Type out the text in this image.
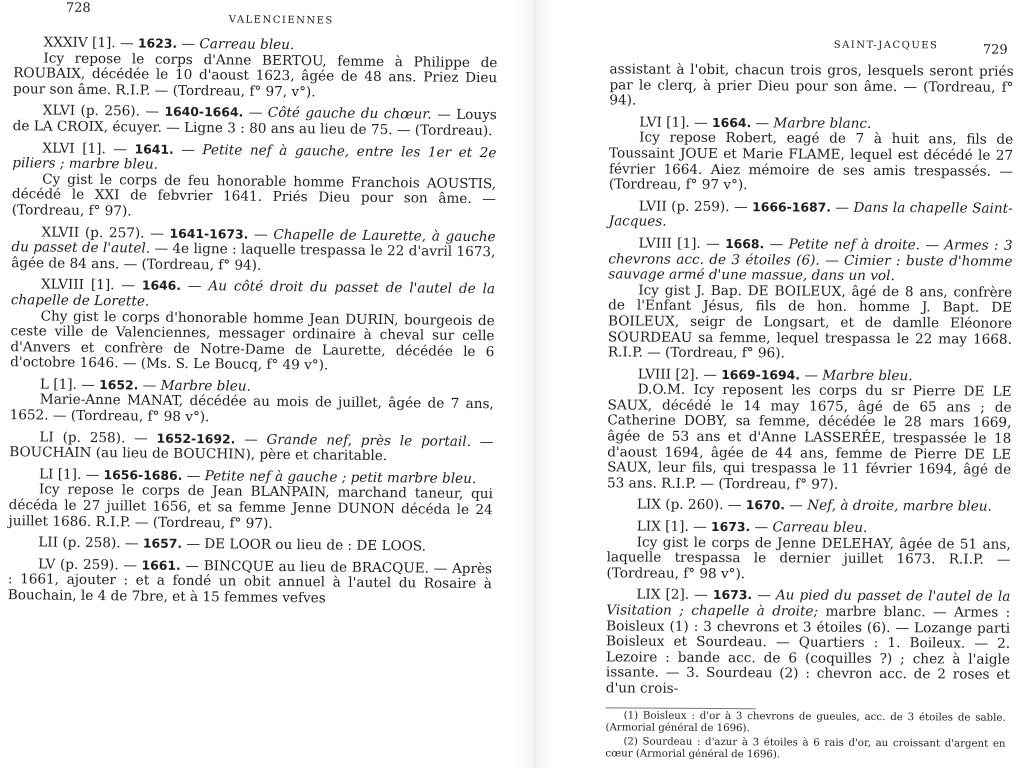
728
VALENCIENNES

XXXIV [1]. — 1623. — Carreau bleu.

Icy repose le corps d'Anne BERTOU, femme à Philippe de ROUBAIX, décédée le 10 d'aoust 1623, âgée de 48 ans. Priez Dieu pour son âme. R.I.P. — (Tordreau, f° 97, v°).

XLVI (p. 256). — 1640-1664. — Côté gauche du chœur. — Louys de LA CROIX, écuyer. — Ligne 3 : 80 ans au lieu de 75. — (Tordreau).

XLVI [1]. — 1641. — Petite nef à gauche, entre les 1er et 2e piliers ; marbre bleu.

Cy gist le corps de feu honorable homme Franchois AOUSTIS, décédé le XXI de febvrier 1641. Priés Dieu pour son âme. — (Tordreau, f° 97).

XLVII (p. 257). — 1641-1673. — Chapelle de Laurette, à gauche du passet de l'autel. — 4e ligne : laquelle trespassa le 22 d'avril 1673, âgée de 84 ans. — (Tordreau, f° 94).

XLVIII [1]. — 1646. — Au côté droit du passet de l'autel de la chapelle de Lorette.

Chy gist le corps d'honorable homme Jean DURIN, bourgeois de ceste ville de Valenciennes, messager ordinaire à cheval sur celle d'Anvers et confrère de Notre-Dame de Laurette, décédée le 6 d'octobre 1646. — (Ms. S. Le Boucq, f° 49 v°).

L [1]. — 1652. — Marbre bleu.

Marie-Anne MANAT, décédée au mois de juillet, âgée de 7 ans, 1652. — (Tordreau, f° 98 v°).

LI (p. 258). — 1652-1692. — Grande nef, près le portail. — BOUCHAIN (au lieu de BOUCHIN), père et charitable.

LI [1]. — 1656-1686. — Petite nef à gauche ; petit marbre bleu.

Icy repose le corps de Jean BLANPAIN, marchand taneur, qui décéda le 27 juillet 1656, et sa femme Jenne DUNON décéda le 24 juillet 1686. R.I.P. — (Tordreau, f° 97).

LII (p. 258). — 1657. — DE LOOR ou lieu de : DE LOOS.

LV (p. 259). — 1661. — BINCQUE au lieu de BRACQUE. — Après : 1661, ajouter : et a fondé un obit annuel à l'autel du Rosaire à Bouchain, le 4 de 7bre, et à 15 femmes vefves

SAINT-JACQUES	729

assistant à l'obit, chacun trois gros, lesquels seront priés par le clerq, à prier Dieu pour son âme. — (Tordreau, f° 94).

LVI [1]. — 1664. — Marbre blanc.

Icy repose Robert, eagé de 7 à huit ans, fils de Toussaint JOUE et Marie FLAME, lequel est décédé le 27 février 1664. Aiez mémoire de ses amis trespassés. — (Tordreau, f° 97 v°).

LVII (p. 259). — 1666-1687. — Dans la chapelle Saint-Jacques.

LVIII [1]. — 1668. — Petite nef à droite. — Armes : 3 chevrons acc. de 3 étoiles (6). — Cimier : buste d'homme sauvage armé d'une massue, dans un vol.

Icy gist J. Bap. DE BOILEUX, âgé de 8 ans, confrère de l'Enfant Jésus, fils de hon. homme J. Bapt. DE BOILEUX, seigr de Longsart, et de damlle Eléonore SOURDEAU sa femme, lequel trespassa le 22 may 1668. R.I.P. — (Tordreau, f° 96).

LVIII [2]. — 1669-1694. — Marbre bleu.

D.O.M. Icy reposent les corps du sr Pierre DE LE SAUX, décédé le 14 may 1675, âgé de 65 ans ; de Catherine DOBY, sa femme, décédée le 28 mars 1669, âgée de 53 ans et d'Anne LASSERÉE, trespassée le 18 d'aoust 1694, âgée de 44 ans, femme de Pierre DE LE SAUX, leur fils, qui trespassa le 11 février 1694, âgé de 53 ans. R.I.P. — (Tordreau, f° 97).

LIX (p. 260). — 1670. — Nef, à droite, marbre bleu.

LIX [1]. — 1673. — Carreau bleu.

Icy gist le corps de Jenne DELEHAY, âgée de 51 ans, laquelle trespassa le dernier juillet 1673. R.I.P. — (Tordreau, f° 98 v°).

LIX [2]. — 1673. — Au pied du passet de l'autel de la Visitation ; chapelle à droite; marbre blanc. — Armes : Boisleux (1) : 3 chevrons et 3 étoiles (6). — Lozange parti Boisleux et Sourdeau. — Quartiers : 1. Boileux. — 2. Lezoire : bande acc. de 6 (coquilles ?) ; chez à l'aigle issante. — 3. Sourdeau (2) : chevron acc. de 2 roses et d'un crois-

(1) Boisleux : d'or à 3 chevrons de gueules, acc. de 3 étoiles de sable. (Armorial général de 1696).
(2) Sourdeau : d'azur à 3 étoiles à 6 rais d'or, au croissant d'argent en cœur (Armorial général de 1696).
